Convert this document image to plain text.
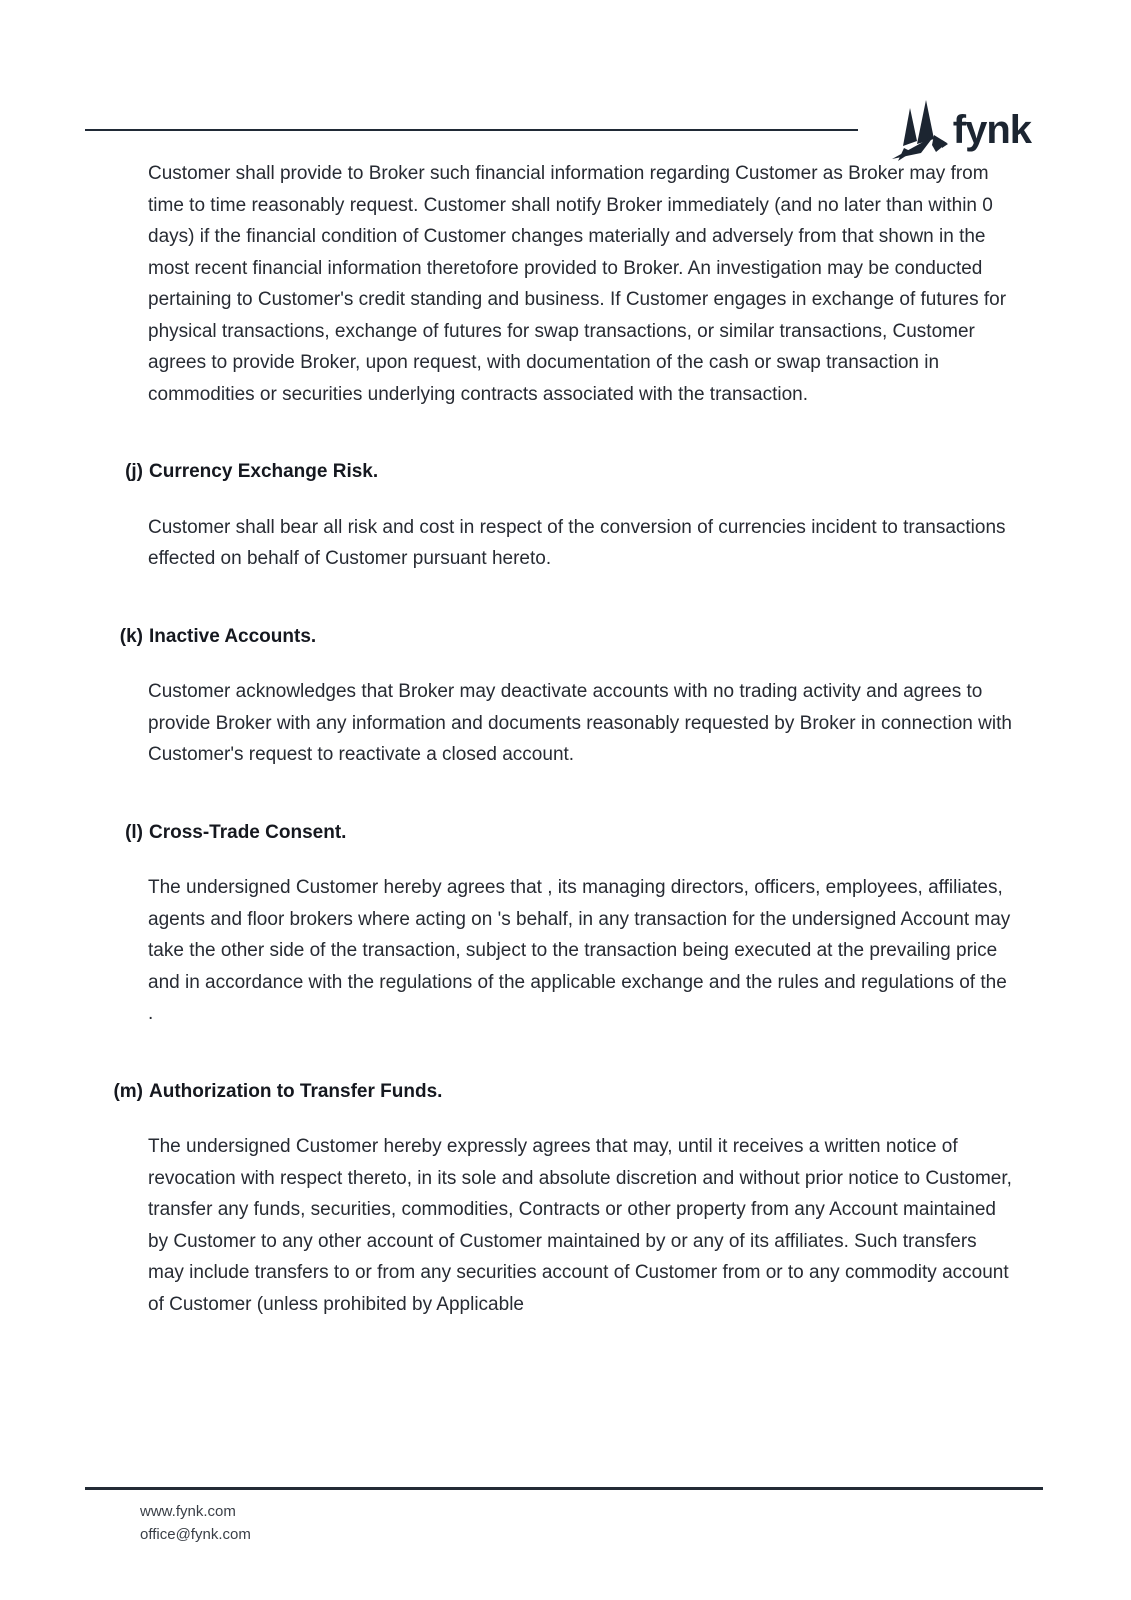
fynk

Customer shall provide to Broker such financial information regarding Customer as Broker may from time to time reasonably request. Customer shall notify Broker immediately (and no later than within 0 days) if the financial condition of Customer changes materially and adversely from that shown in the most recent financial information theretofore provided to Broker. An investigation may be conducted pertaining to Customer's credit standing and business. If Customer engages in exchange of futures for physical transactions, exchange of futures for swap transactions, or similar transactions, Customer agrees to provide Broker, upon request, with documentation of the cash or swap transaction in commodities or securities underlying contracts associated with the transaction.

(j) Currency Exchange Risk.

Customer shall bear all risk and cost in respect of the conversion of currencies incident to transactions effected on behalf of Customer pursuant hereto.

(k) Inactive Accounts.

Customer acknowledges that Broker may deactivate accounts with no trading activity and agrees to provide Broker with any information and documents reasonably requested by Broker in connection with Customer's request to reactivate a closed account.

(l) Cross-Trade Consent.

The undersigned Customer hereby agrees that , its managing directors, officers, employees, affiliates, agents and floor brokers where acting on 's behalf, in any transaction for the undersigned Account may take the other side of the transaction, subject to the transaction being executed at the prevailing price and in accordance with the regulations of the applicable exchange and the rules and regulations of the .

(m) Authorization to Transfer Funds.

The undersigned Customer hereby expressly agrees that may, until it receives a written notice of revocation with respect thereto, in its sole and absolute discretion and without prior notice to Customer, transfer any funds, securities, commodities, Contracts or other property from any Account maintained by Customer to any other account of Customer maintained by or any of its affiliates. Such transfers may include transfers to or from any securities account of Customer from or to any commodity account of Customer (unless prohibited by Applicable

www.fynk.com
office@fynk.com
